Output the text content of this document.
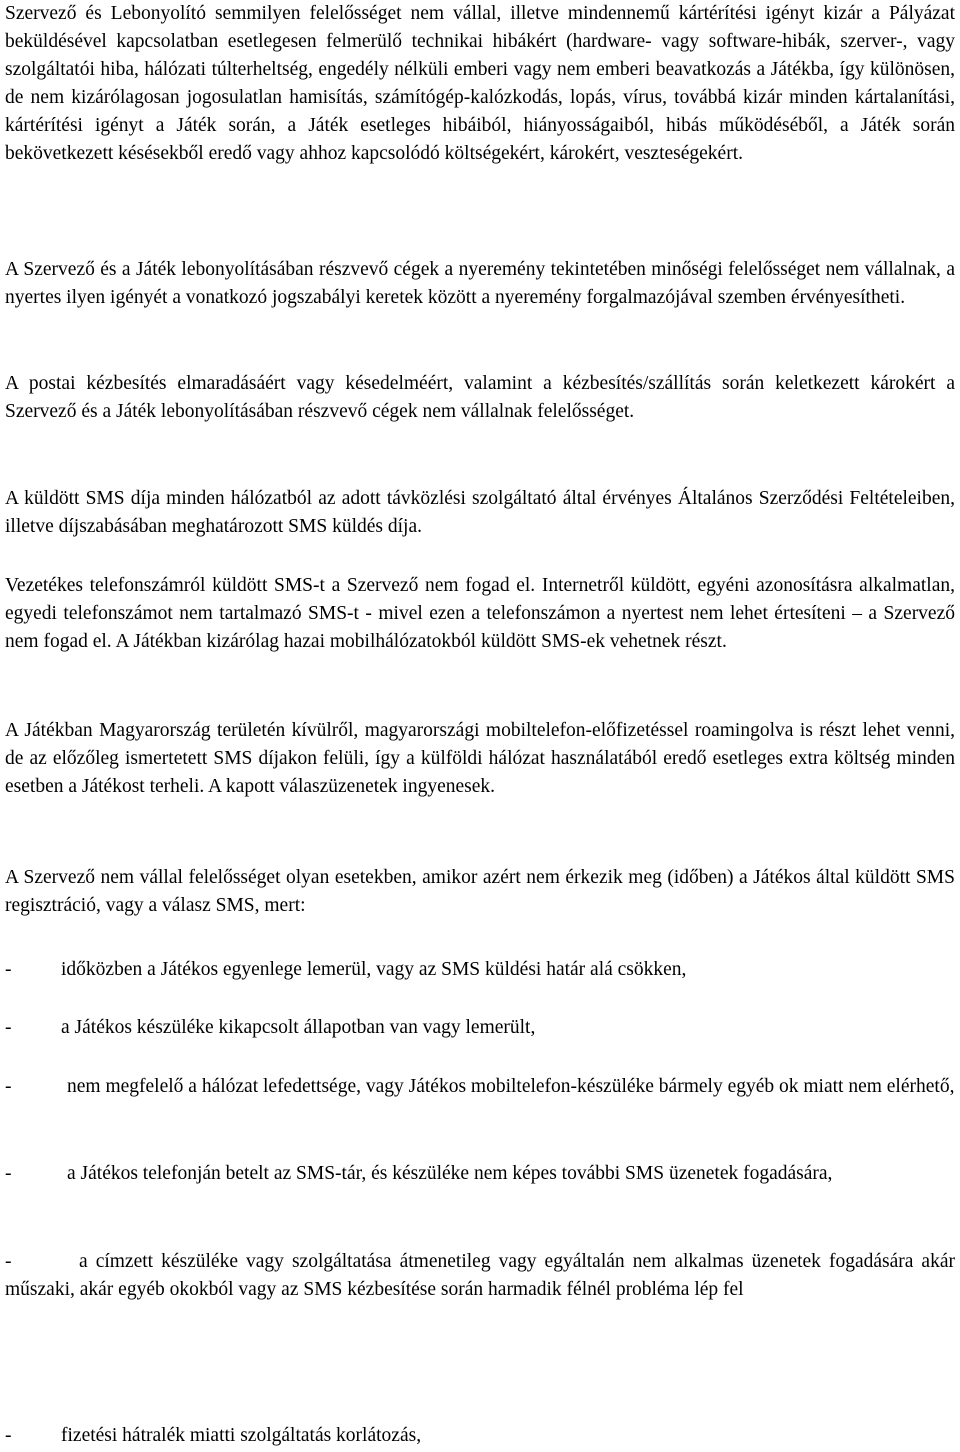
Szervező és Lebonyolító semmilyen felelősséget nem vállal, illetve mindennemű kártérítési igényt kizár a Pályázat beküldésével kapcsolatban esetlegesen felmerülő technikai hibákért (hardware- vagy software-hibák, szerver-, vagy szolgáltatói hiba, hálózati túlterheltség, engedély nélküli emberi vagy nem emberi beavatkozás a Játékba, így különösen, de nem kizárólagosan jogosulatlan hamisítás, számítógép-kalózkodás, lopás, vírus, továbbá kizár minden kártalanítási, kártérítési igényt a Játék során, a Játék esetleges hibáiból, hiányosságaiból, hibás működéséből, a Játék során bekövetkezett késésekből eredő vagy ahhoz kapcsolódó költségekért, károkért, veszteségekért.

A Szervező és a Játék lebonyolításában részvevő cégek a nyeremény tekintetében minőségi felelősséget nem vállalnak, a nyertes ilyen igényét a vonatkozó jogszabályi keretek között a nyeremény forgalmazójával szemben érvényesítheti.

A postai kézbesítés elmaradásáért vagy késedelméért, valamint a kézbesítés/szállítás során keletkezett károkért a Szervező és a Játék lebonyolításában részvevő cégek nem vállalnak felelősséget.

A küldött SMS díja minden hálózatból az adott távközlési szolgáltató által érvényes Általános Szerződési Feltételeiben, illetve díjszabásában meghatározott SMS küldés díja.

Vezetékes telefonszámról küldött SMS-t a Szervező nem fogad el. Internetről küldött, egyéni azonosításra alkalmatlan, egyedi telefonszámot nem tartalmazó SMS-t - mivel ezen a telefonszámon a nyertest nem lehet értesíteni – a Szervező nem fogad el. A Játékban kizárólag hazai mobilhálózatokból küldött SMS-ek vehetnek részt.

A Játékban Magyarország területén kívülről, magyarországi mobiltelefon-előfizetéssel roamingolva is részt lehet venni, de az előzőleg ismertetett SMS díjakon felüli, így a külföldi hálózat használatából eredő esetleges extra költség minden esetben a Játékost terheli. A kapott válaszüzenetek ingyenesek.

A Szervező nem vállal felelősséget olyan esetekben, amikor azért nem érkezik meg (időben) a Játékos által küldött SMS regisztráció, vagy a válasz SMS, mert:

-	időközben a Játékos egyenlege lemerül, vagy az SMS küldési határ alá csökken,

-	a Játékos készüléke kikapcsolt állapotban van vagy lemerült,

-	nem megfelelő a hálózat lefedettsége, vagy Játékos mobiltelefon-készüléke bármely egyéb ok miatt nem elérhető,

-	a Játékos telefonján betelt az SMS-tár, és készüléke nem képes további SMS üzenetek fogadására,

-	a címzett készüléke vagy szolgáltatása átmenetileg vagy egyáltalán nem alkalmas üzenetek fogadására akár műszaki, akár egyéb okokból vagy az SMS kézbesítése során harmadik félnél probléma lép fel

-	fizetési hátralék miatti szolgáltatás korlátozás,
